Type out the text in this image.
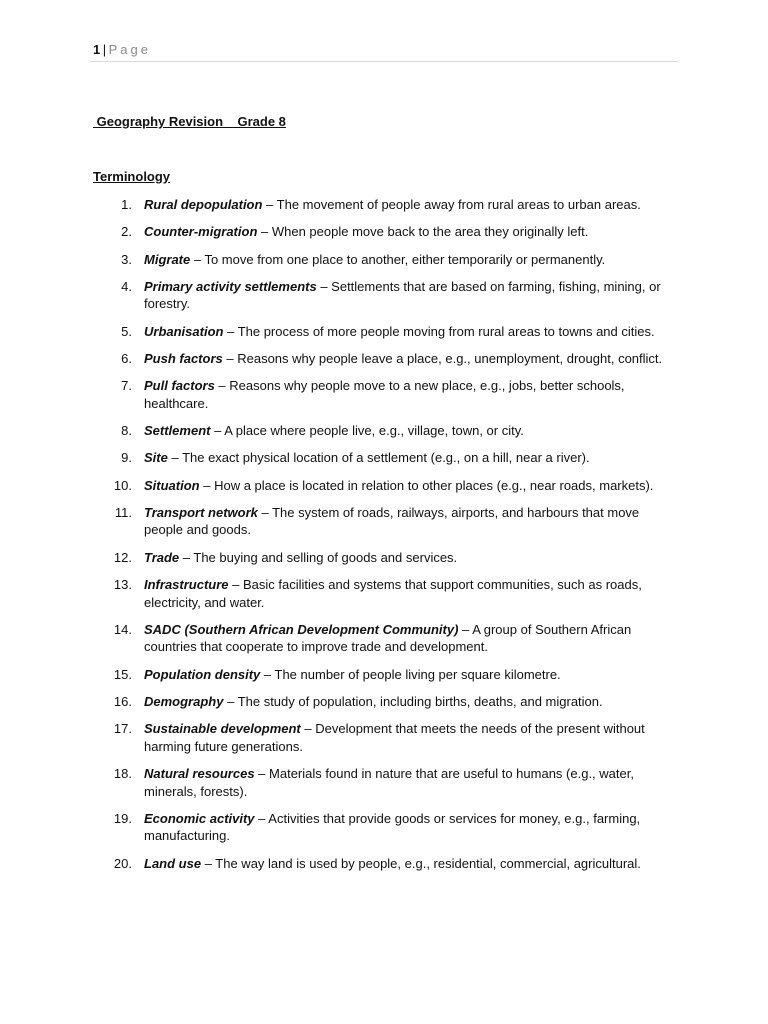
1 | Page
Geography Revision    Grade 8
Terminology
1. Rural depopulation – The movement of people away from rural areas to urban areas.
2. Counter-migration – When people move back to the area they originally left.
3. Migrate – To move from one place to another, either temporarily or permanently.
4. Primary activity settlements – Settlements that are based on farming, fishing, mining, or forestry.
5. Urbanisation – The process of more people moving from rural areas to towns and cities.
6. Push factors – Reasons why people leave a place, e.g., unemployment, drought, conflict.
7. Pull factors – Reasons why people move to a new place, e.g., jobs, better schools, healthcare.
8. Settlement – A place where people live, e.g., village, town, or city.
9. Site – The exact physical location of a settlement (e.g., on a hill, near a river).
10. Situation – How a place is located in relation to other places (e.g., near roads, markets).
11. Transport network – The system of roads, railways, airports, and harbours that move people and goods.
12. Trade – The buying and selling of goods and services.
13. Infrastructure – Basic facilities and systems that support communities, such as roads, electricity, and water.
14. SADC (Southern African Development Community) – A group of Southern African countries that cooperate to improve trade and development.
15. Population density – The number of people living per square kilometre.
16. Demography – The study of population, including births, deaths, and migration.
17. Sustainable development – Development that meets the needs of the present without harming future generations.
18. Natural resources – Materials found in nature that are useful to humans (e.g., water, minerals, forests).
19. Economic activity – Activities that provide goods or services for money, e.g., farming, manufacturing.
20. Land use – The way land is used by people, e.g., residential, commercial, agricultural.
